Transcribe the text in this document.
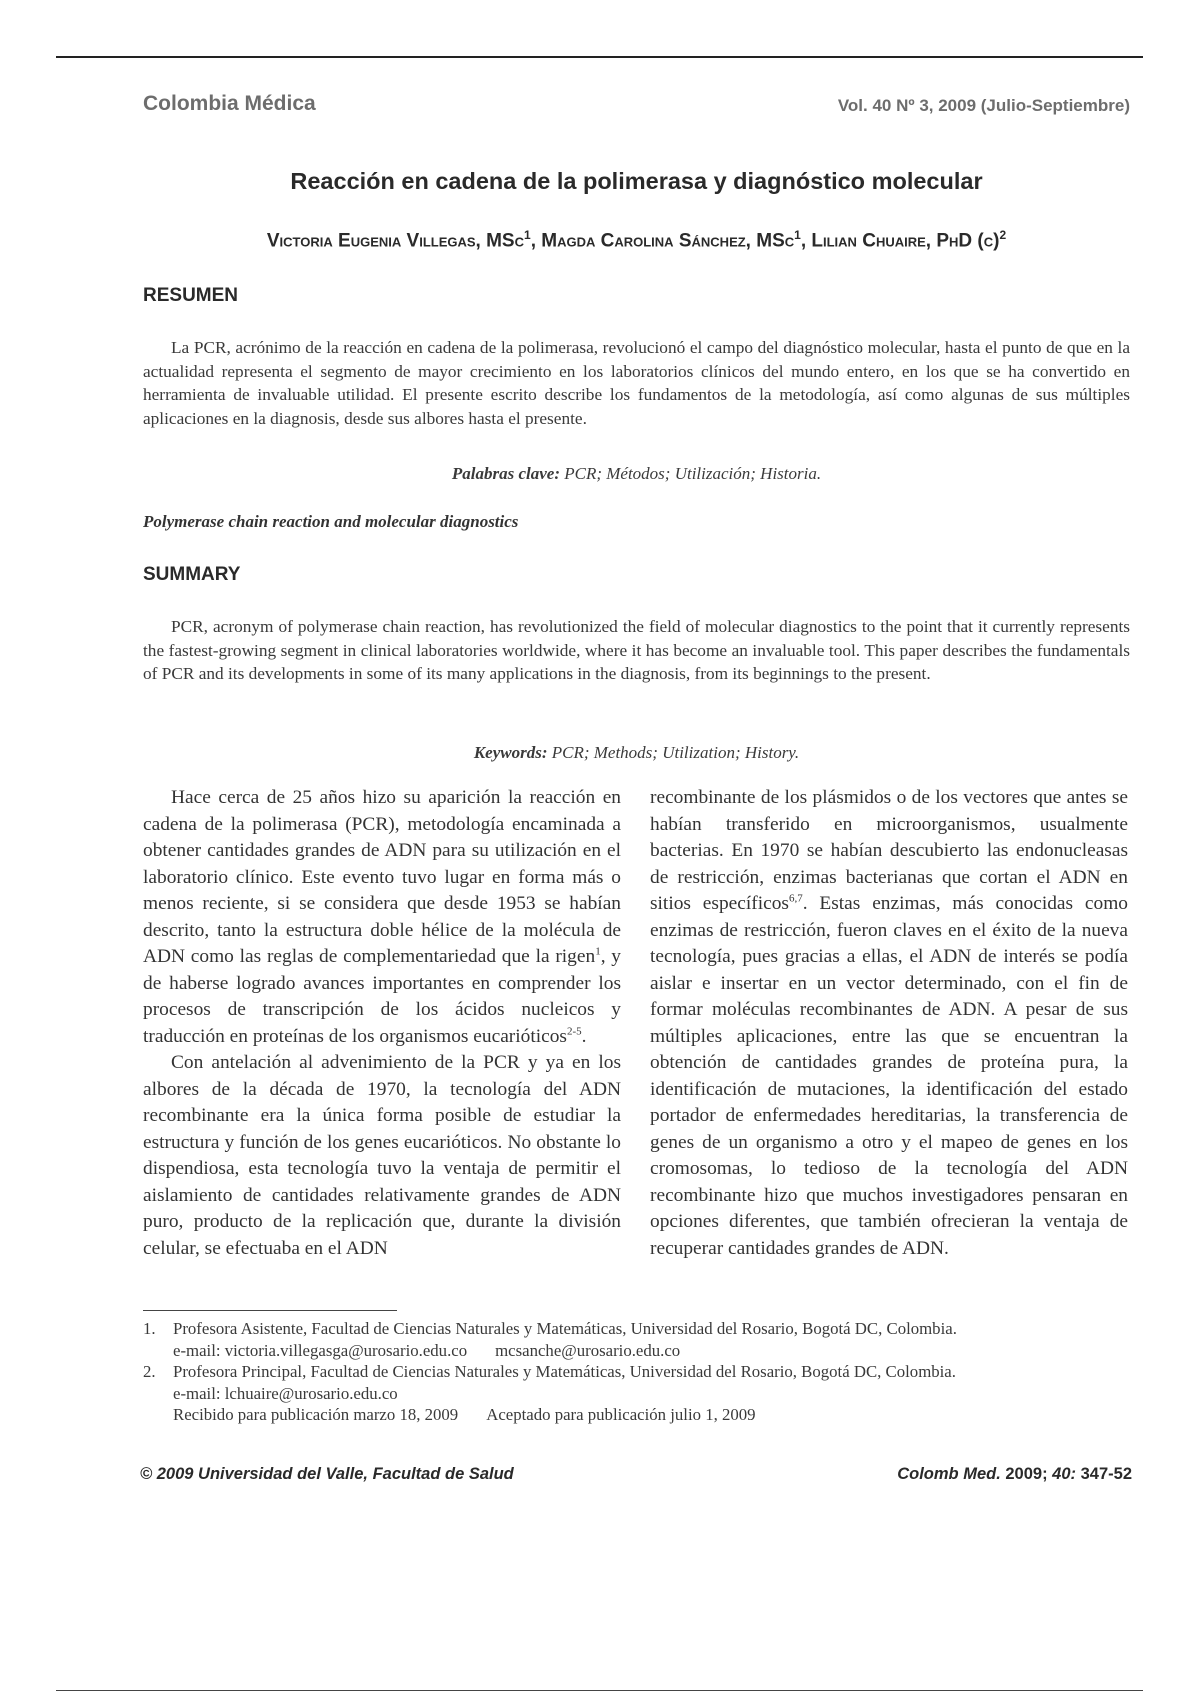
Colombia Médica	Vol. 40 Nº 3, 2009 (Julio-Septiembre)
Reacción en cadena de la polimerasa y diagnóstico molecular
Victoria Eugenia Villegas, MSc$^1$, Magda Carolina Sánchez, MSc$^1$, Lilian Chuaire, PhD $(c)^2$
RESUMEN

La PCR, acrónimo de la reacción en cadena de la polimerasa, revolucionó el campo del diagnóstico molecular, hasta el punto de que en la actualidad representa el segmento de mayor crecimiento en los laboratorios clínicos del mundo entero, en los que se ha convertido en herramienta de invaluable utilidad. El presente escrito describe los fundamentos de la metodología, así como algunas de sus múltiples aplicaciones en la diagnosis, desde sus albores hasta el presente.

Palabras clave: PCR; Métodos; Utilización; Historia.
Polymerase chain reaction and molecular diagnostics
SUMMARY

PCR, acronym of polymerase chain reaction, has revolutionized the field of molecular diagnostics to the point that it currently represents the fastest-growing segment in clinical laboratories worldwide, where it has become an invaluable tool. This paper describes the fundamentals of PCR and its developments in some of its many applications in the diagnosis, from its beginnings to the present.

Keywords: PCR; Methods; Utilization; History.

Hace cerca de 25 años hizo su aparición la reacción en cadena de la polimerasa (PCR), metodología encaminada a obtener cantidades grandes de ADN para su utilización en el laboratorio clínico. Este evento tuvo lugar en forma más o menos reciente, si se considera que desde 1953 se habían descrito, tanto la estructura doble hélice de la molécula de ADN como las reglas de complementariedad que la rigen$^1$, y de haberse logrado avances importantes en comprender los procesos de transcripción de los ácidos nucleicos y traducción en proteínas de los organismos eucarióticos$^{2-5}$.

Con antelación al advenimiento de la PCR y ya en los albores de la década de 1970, la tecnología del ADN recombinante era la única forma posible de estudiar la estructura y función de los genes eucarióticos. No obstante lo dispendiosa, esta tecnología tuvo la ventaja de permitir el aislamiento de cantidades relativamente grandes de ADN puro, producto de la replicación que, durante la división celular, se efectuaba en el ADN

recombinante de los plásmidos o de los vectores que antes se habían transferido en microorganismos, usualmente bacterias. En 1970 se habían descubierto las endonucleasas de restricción, enzimas bacterianas que cortan el ADN en sitios específicos$^{6,7}$. Estas enzimas, más conocidas como enzimas de restricción, fueron claves en el éxito de la nueva tecnología, pues gracias a ellas, el ADN de interés se podía aislar e insertar en un vector determinado, con el fin de formar moléculas recombinantes de ADN. A pesar de sus múltiples aplicaciones, entre las que se encuentran la obtención de cantidades grandes de proteína pura, la identificación de mutaciones, la identificación del estado portador de enfermedades hereditarias, la transferencia de genes de un organismo a otro y el mapeo de genes en los cromosomas, lo tedioso de la tecnología del ADN recombinante hizo que muchos investigadores pensaran en opciones diferentes, que también ofrecieran la ventaja de recuperar cantidades grandes de ADN.

1. Profesora Asistente, Facultad de Ciencias Naturales y Matemáticas, Universidad del Rosario, Bogotá DC, Colombia.
e-mail: victoria.villegasga@urosario.edu.co mcsanche@urosario.edu.co
2. Profesora Principal, Facultad de Ciencias Naturales y Matemáticas, Universidad del Rosario, Bogotá DC, Colombia.
e-mail: lchuaire@urosario.edu.co
Recibido para publicación marzo 18, 2009 Aceptado para publicación julio 1, 2009
© 2009 Universidad del Valle, Facultad de Salud	Colomb Med. 2009; 40: 347-52
